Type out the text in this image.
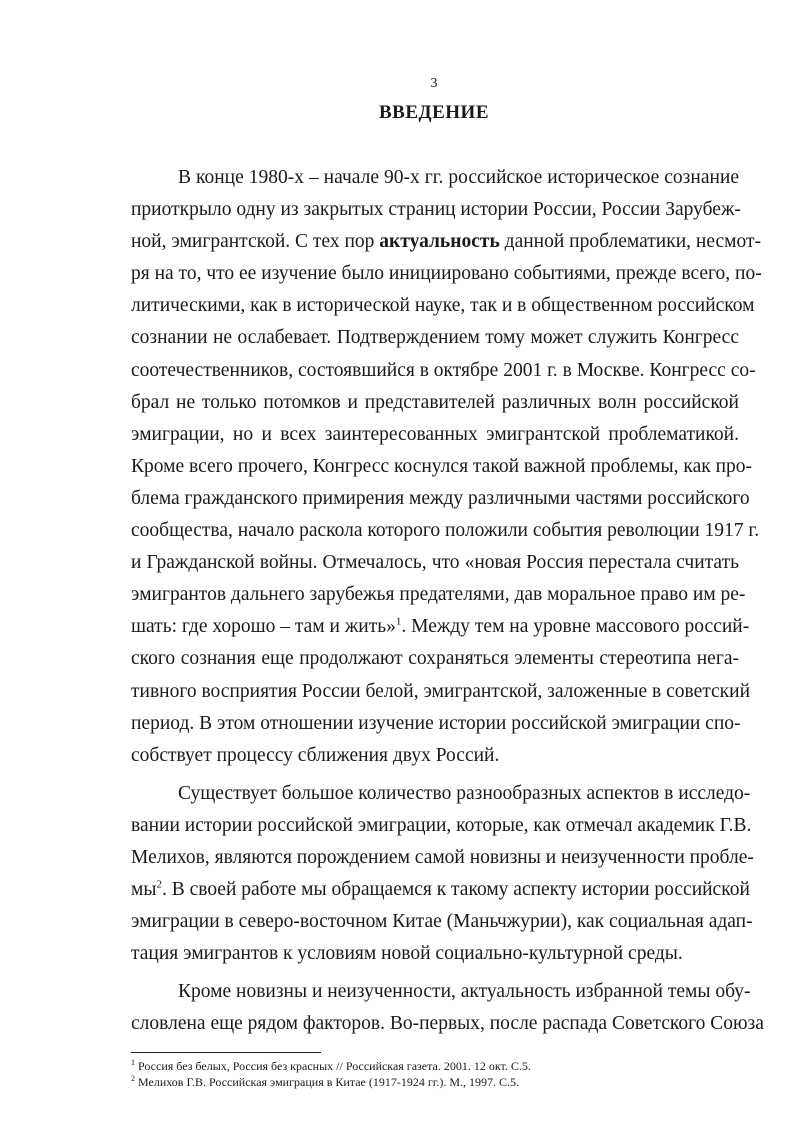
3
ВВЕДЕНИЕ
В конце 1980-х – начале 90-х гг. российское историческое сознание
приоткрыло одну из закрытых страниц истории России, России Зарубеж-
ной, эмигрантской. С тех пор актуальность данной проблематики, несмот-
ря на то, что ее изучение было инициировано событиями, прежде всего, по-
литическими, как в исторической науке, так и в общественном российском
сознании не ослабевает. Подтверждением тому может служить Конгресс
соотечественников, состоявшийся в октябре 2001 г. в Москве. Конгресс со-
брал не только потомков и представителей различных волн российской
эмиграции, но и всех заинтересованных эмигрантской проблематикой.
Кроме всего прочего, Конгресс коснулся такой важной проблемы, как про-
блема гражданского примирения между различными частями российского
сообщества, начало раскола которого положили события революции 1917 г.
и Гражданской войны. Отмечалось, что «новая Россия перестала считать
эмигрантов дальнего зарубежья предателями, дав моральное право им ре-
шать: где хорошо – там и жить»$^1$. Между тем на уровне массового россий-
ского сознания еще продолжают сохраняться элементы стереотипа нега-
тивного восприятия России белой, эмигрантской, заложенные в советский
период. В этом отношении изучение истории российской эмиграции спо-
собствует процессу сближения двух Россий.
Существует большое количество разнообразных аспектов в исследо-
вании истории российской эмиграции, которые, как отмечал академик Г.В.
Мелихов, являются порождением самой новизны и неизученности пробле-
$мы^2$. В своей работе мы обращаемся к такому аспекту истории российской
эмиграции в северо-восточном Китае (Маньчжурии), как социальная адап-
тация эмигрантов к условиям новой социально-культурной среды.
Кроме новизны и неизученности, актуальность избранной темы обу-
словлена еще рядом факторов. Во-первых, после распада Советского Союза
$^1$ Россия без белых, Россия без красных // Российская газета. 2001. 12 окт. С.5.
$^2$ Мелихов Г.В. Российская эмиграция в Китае (1917-1924 гг.). М., 1997. С.5.
